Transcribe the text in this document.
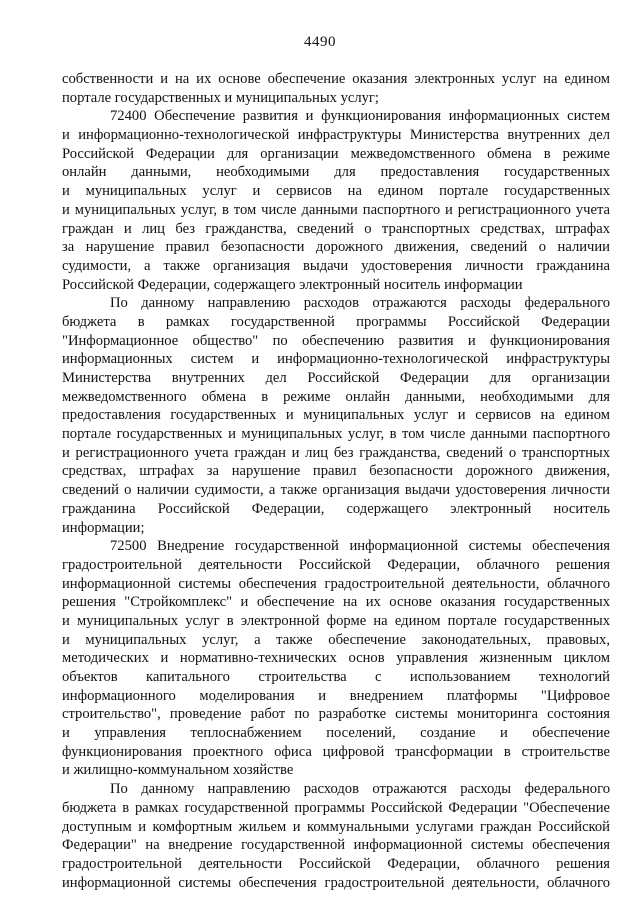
4490
собственности и на их основе обеспечение оказания электронных услуг на едином
портале государственных и муниципальных услуг;
72400 Обеспечение развития и функционирования информационных систем
и информационно-технологической инфраструктуры Министерства внутренних дел
Российской Федерации для организации межведомственного обмена в режиме
онлайн данными, необходимыми для предоставления государственных
и муниципальных услуг и сервисов на едином портале государственных
и муниципальных услуг, в том числе данными паспортного и регистрационного учета
граждан и лиц без гражданства, сведений о транспортных средствах, штрафах
за нарушение правил безопасности дорожного движения, сведений о наличии
судимости, а также организация выдачи удостоверения личности гражданина
Российской Федерации, содержащего электронный носитель информации
По данному направлению расходов отражаются расходы федерального
бюджета в рамках государственной программы Российской Федерации
"Информационное общество" по обеспечению развития и функционирования
информационных систем и информационно-технологической инфраструктуры
Министерства внутренних дел Российской Федерации для организации
межведомственного обмена в режиме онлайн данными, необходимыми для
предоставления государственных и муниципальных услуг и сервисов на едином
портале государственных и муниципальных услуг, в том числе данными паспортного
и регистрационного учета граждан и лиц без гражданства, сведений о транспортных
средствах, штрафах за нарушение правил безопасности дорожного движения,
сведений о наличии судимости, а также организация выдачи удостоверения личности
гражданина Российской Федерации, содержащего электронный носитель
информации;
72500 Внедрение государственной информационной системы обеспечения
градостроительной деятельности Российской Федерации, облачного решения
информационной системы обеспечения градостроительной деятельности, облачного
решения "Стройкомплекс" и обеспечение на их основе оказания государственных
и муниципальных услуг в электронной форме на едином портале государственных
и муниципальных услуг, а также обеспечение законодательных, правовых,
методических и нормативно-технических основ управления жизненным циклом
объектов капитального строительства с использованием технологий
информационного моделирования и внедрением платформы "Цифровое
строительство", проведение работ по разработке системы мониторинга состояния
и управления теплоснабжением поселений, создание и обеспечение
функционирования проектного офиса цифровой трансформации в строительстве
и жилищно-коммунальном хозяйстве
По данному направлению расходов отражаются расходы федерального
бюджета в рамках государственной программы Российской Федерации "Обеспечение
доступным и комфортным жильем и коммунальными услугами граждан Российской
Федерации" на внедрение государственной информационной системы обеспечения
градостроительной деятельности Российской Федерации, облачного решения
информационной системы обеспечения градостроительной деятельности, облачного
